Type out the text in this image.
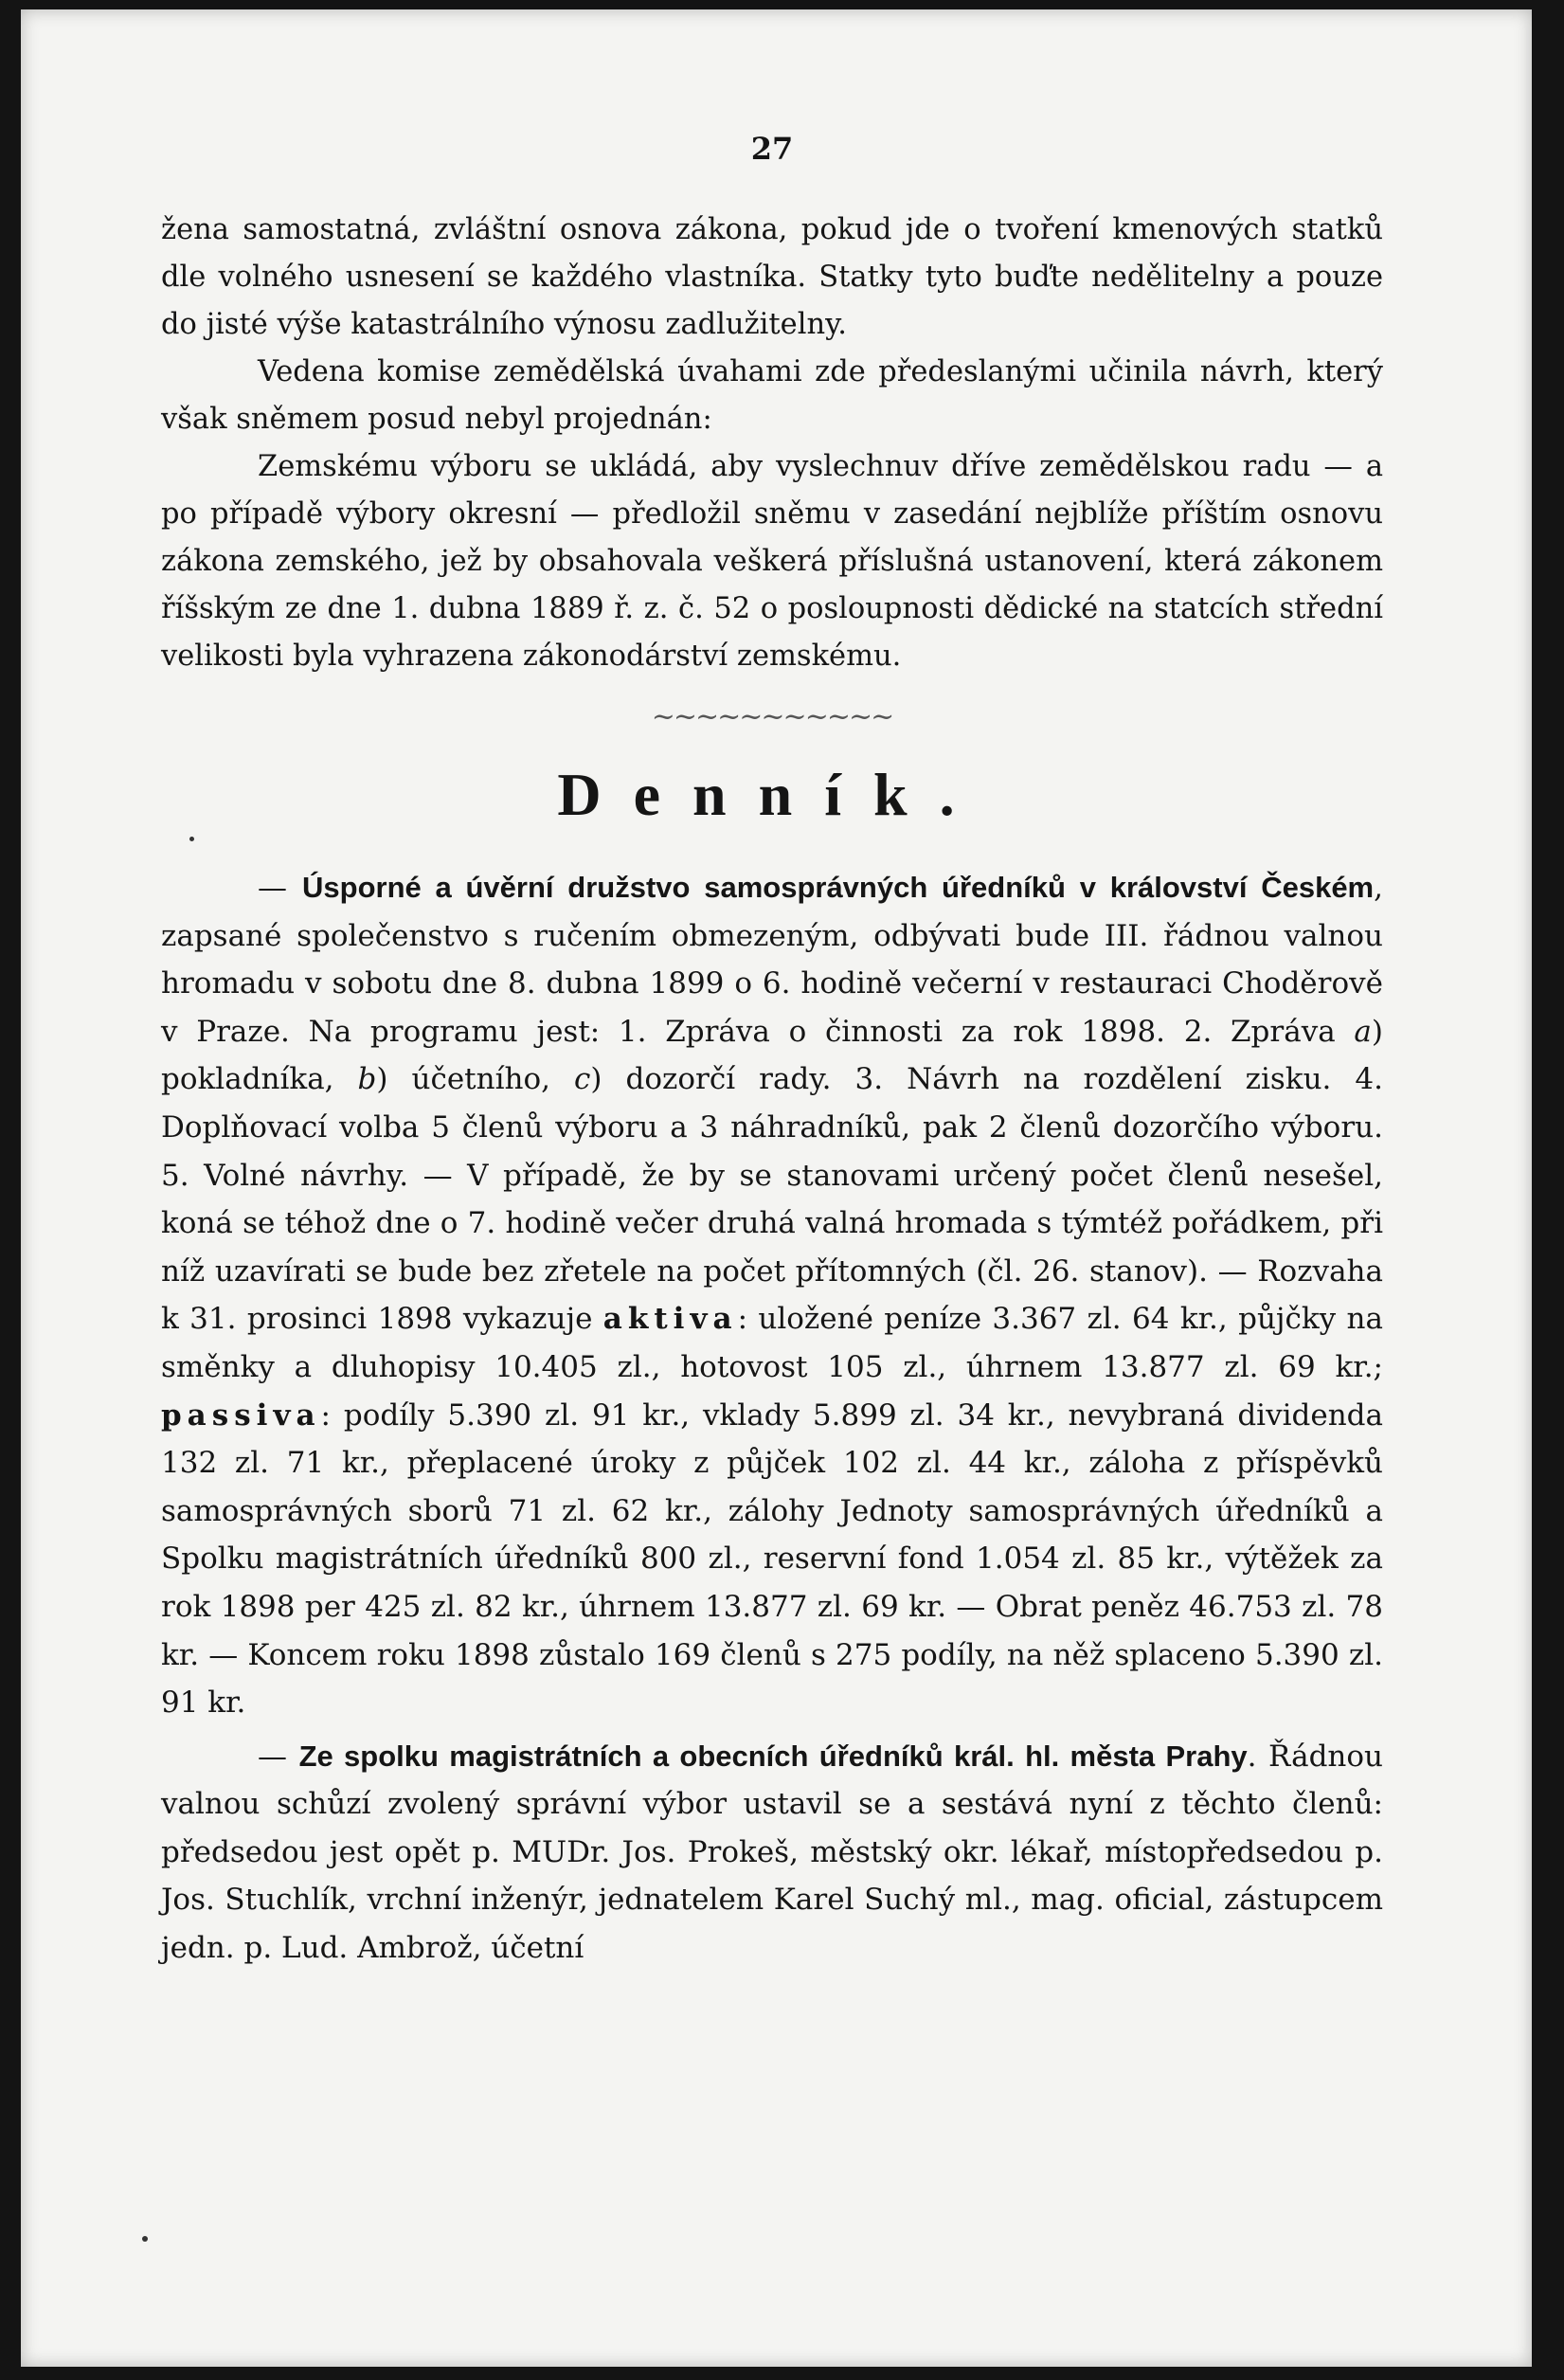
27

žena samostatná, zvláštní osnova zákona, pokud jde o tvoření kmenových statků dle volného usnesení se každého vlastníka. Statky tyto buďte nedělitelny a pouze do jisté výše katastrálního výnosu zadlužitelny.

Vedena komise zemědělská úvahami zde předeslanými učinila návrh, který však sněmem posud nebyl projednán:

Zemskému výboru se ukládá, aby vyslechnuv dříve zemědělskou radu — a po případě výbory okresní — předložil sněmu v zasedání nejblíže příštím osnovu zákona zemského, jež by obsahovala veškerá příslušná ustanovení, která zákonem říšským ze dne 1. dubna 1889 ř. z. č. 52 o posloupnosti dědické na statcích střední velikosti byla vyhrazena zákonodárství zemskému.

~~~~~~~~~~~
Denník.

— Úsporné a úvěrní družstvo samosprávných úředníků v království Českém, zapsané společenstvo s ručením obmezeným, odbývati bude III. řádnou valnou hromadu v sobotu dne 8. dubna 1899 o 6. hodině večerní v restauraci Choděrově v Praze. Na programu jest: 1. Zpráva o činnosti za rok 1898. 2. Zpráva a) pokladníka, b) účetního, c) dozorčí rady. 3. Návrh na rozdělení zisku. 4. Doplňovací volba 5 členů výboru a 3 náhradníků, pak 2 členů dozorčího výboru. 5. Volné návrhy. — V případě, že by se stanovami určený počet členů nesešel, koná se téhož dne o 7. hodině večer druhá valná hromada s týmtéž pořádkem, při níž uzavírati se bude bez zřetele na počet přítomných (čl. 26. stanov). — Rozvaha k 31. prosinci 1898 vykazuje aktiva: uložené peníze 3.367 zl. 64 kr., půjčky na směnky a dluhopisy 10.405 zl., hotovost 105 zl., úhrnem 13.877 zl. 69 kr.; passiva: podíly 5.390 zl. 91 kr., vklady 5.899 zl. 34 kr., nevybraná dividenda 132 zl. 71 kr., přeplacené úroky z půjček 102 zl. 44 kr., záloha z příspěvků samosprávných sborů 71 zl. 62 kr., zálohy Jednoty samosprávných úředníků a Spolku magistrátních úředníků 800 zl., reservní fond 1.054 zl. 85 kr., výtěžek za rok 1898 per 425 zl. 82 kr., úhrnem 13.877 zl. 69 kr. — Obrat peněz 46.753 zl. 78 kr. — Koncem roku 1898 zůstalo 169 členů s 275 podíly, na něž splaceno 5.390 zl. 91 kr.

— Ze spolku magistrátních a obecních úředníků král. hl. města Prahy. Řádnou valnou schůzí zvolený správní výbor ustavil se a sestává nyní z těchto členů: předsedou jest opět p. MUDr. Jos. Prokeš, městský okr. lékař, místopředsedou p. Jos. Stuchlík, vrchní inženýr, jednatelem Karel Suchý ml., mag. oficial, zástupcem jedn. p. Lud. Ambrož, účetní
